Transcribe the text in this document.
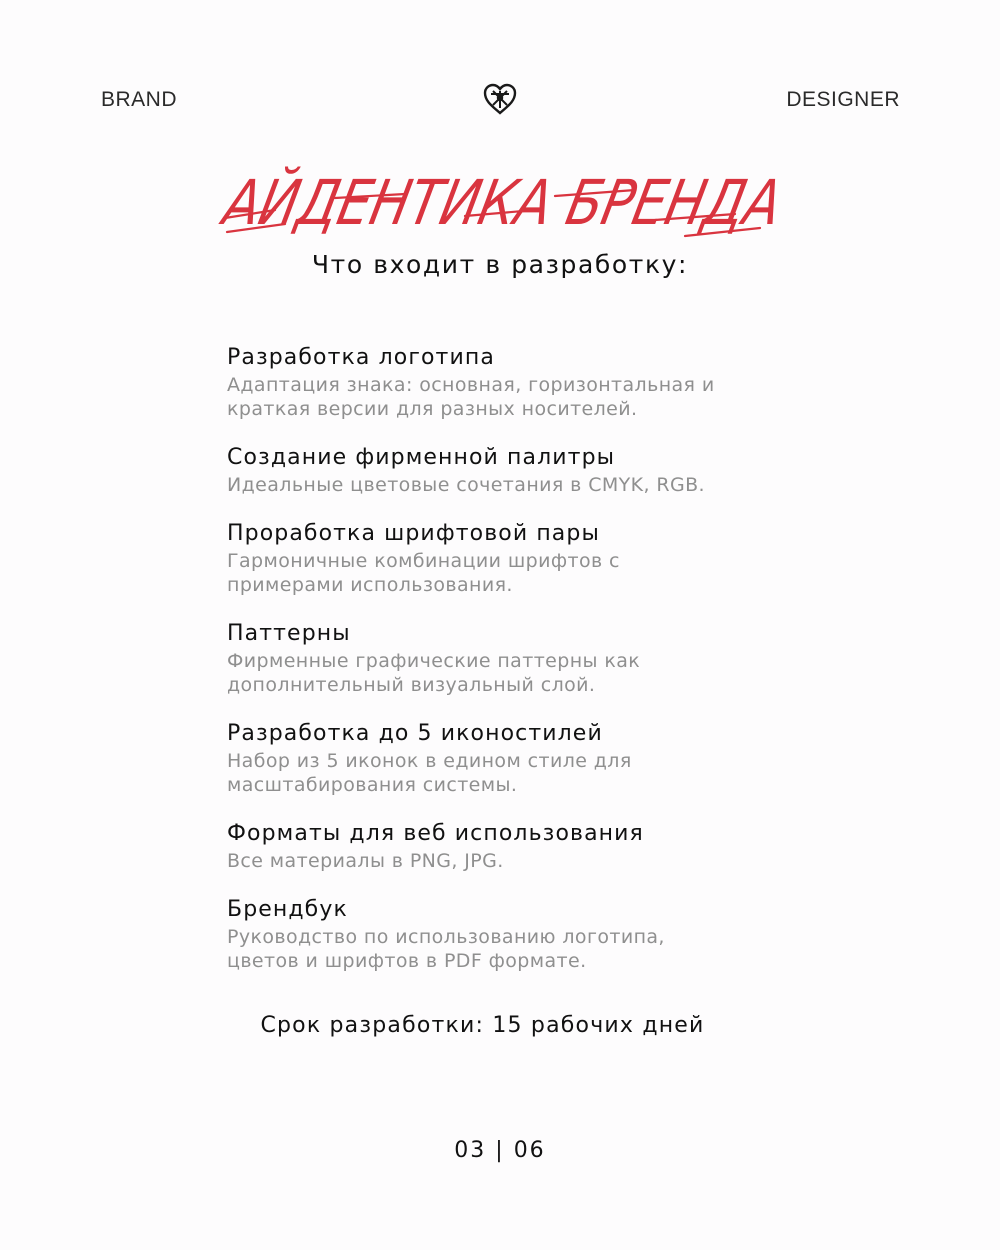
BRAND	DESIGNER
АЙДЕНТИКА БРЕНДА
Что входит в разработку:
Разработка логотипа
Адаптация знака: основная, горизонтальная и
краткая версии для разных носителей.
Создание фирменной палитры
Идеальные цветовые сочетания в CMYK, RGB.
Проработка шрифтовой пары
Гармоничные комбинации шрифтов с
примерами использования.
Паттерны
Фирменные графические паттерны как
дополнительный визуальный слой.
Разработка до 5 иконостилей
Набор из 5 иконок в едином стиле для
масштабирования системы.
Форматы для веб использования
Все материалы в PNG, JPG.
Брендбук
Руководство по использованию логотипа,
цветов и шрифтов в PDF формате.
Срок разработки: 15 рабочих дней
03 | 06
